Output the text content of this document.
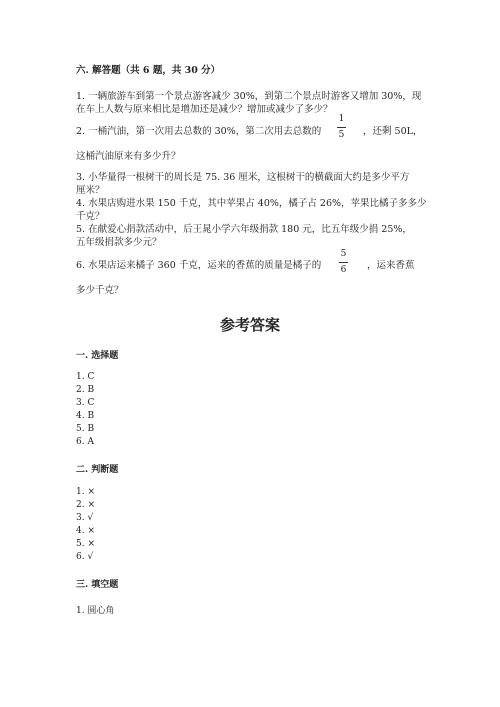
六. 解答题（共 6 题，共 30 分）
1. 一辆旅游车到第一个景点游客减少 30%，到第二个景点时游客又增加 30%，现
在车上人数与原来相比是增加还是减少？增加或减少了多少？
2. 一桶汽油，第一次用去总数的 30%，第二次用去总数的
1
5 ，还剩 50L，
这桶汽油原来有多少升？
3. 小华量得一根树干的周长是 75. 36 厘米，这根树干的横截面大约是多少平方
厘米？
4. 水果店购进水果 150 千克，其中苹果占 40%，橘子占 26%，苹果比橘子多多少
千克？
5. 在献爱心捐款活动中，后王晁小学六年级捐款 180 元，比五年级少捐 25%，
五年级捐款多少元？
6. 水果店运来橘子 360 千克，运来的香蕉的质量是橘子的
5
6 ，运来香蕉
多少千克？
参考答案
一. 选择题
1. C
2. B
3. C
4. B
5. B
6. A
二. 判断题
1. ×
2. ×
3. √
4. ×
5. ×
6. √
三. 填空题
1. 圆心角
